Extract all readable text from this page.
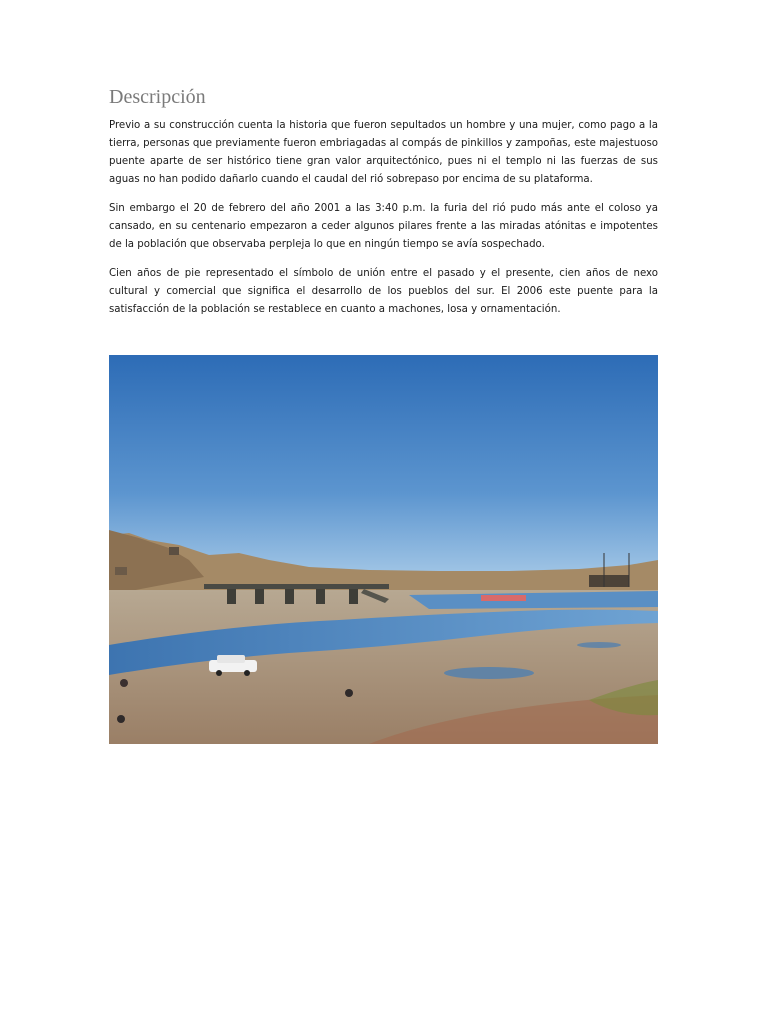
Descripción

Previo a su construcción cuenta la historia que fueron sepultados un hombre y una mujer, como pago a la tierra, personas que previamente fueron embriagadas al compás de pinkillos y zampoñas, este majestuoso puente aparte de ser histórico tiene gran valor arquitectónico, pues ni el templo ni las fuerzas de sus aguas no han podido dañarlo cuando el caudal del rió sobrepaso por encima de su plataforma.

Sin embargo el 20 de febrero del año 2001 a las 3:40 p.m. la furia del rió pudo más ante el coloso ya cansado, en su centenario empezaron a ceder algunos pilares frente a las miradas atónitas e impotentes de la población que observaba perpleja lo que en ningún tiempo se avía sospechado.

Cien años de pie representado el símbolo de unión entre el pasado y el presente, cien años de nexo cultural y comercial que significa el desarrollo de los pueblos del sur. El 2006 este puente para la satisfacción de la población se restablece en cuanto a machones, losa y ornamentación.
